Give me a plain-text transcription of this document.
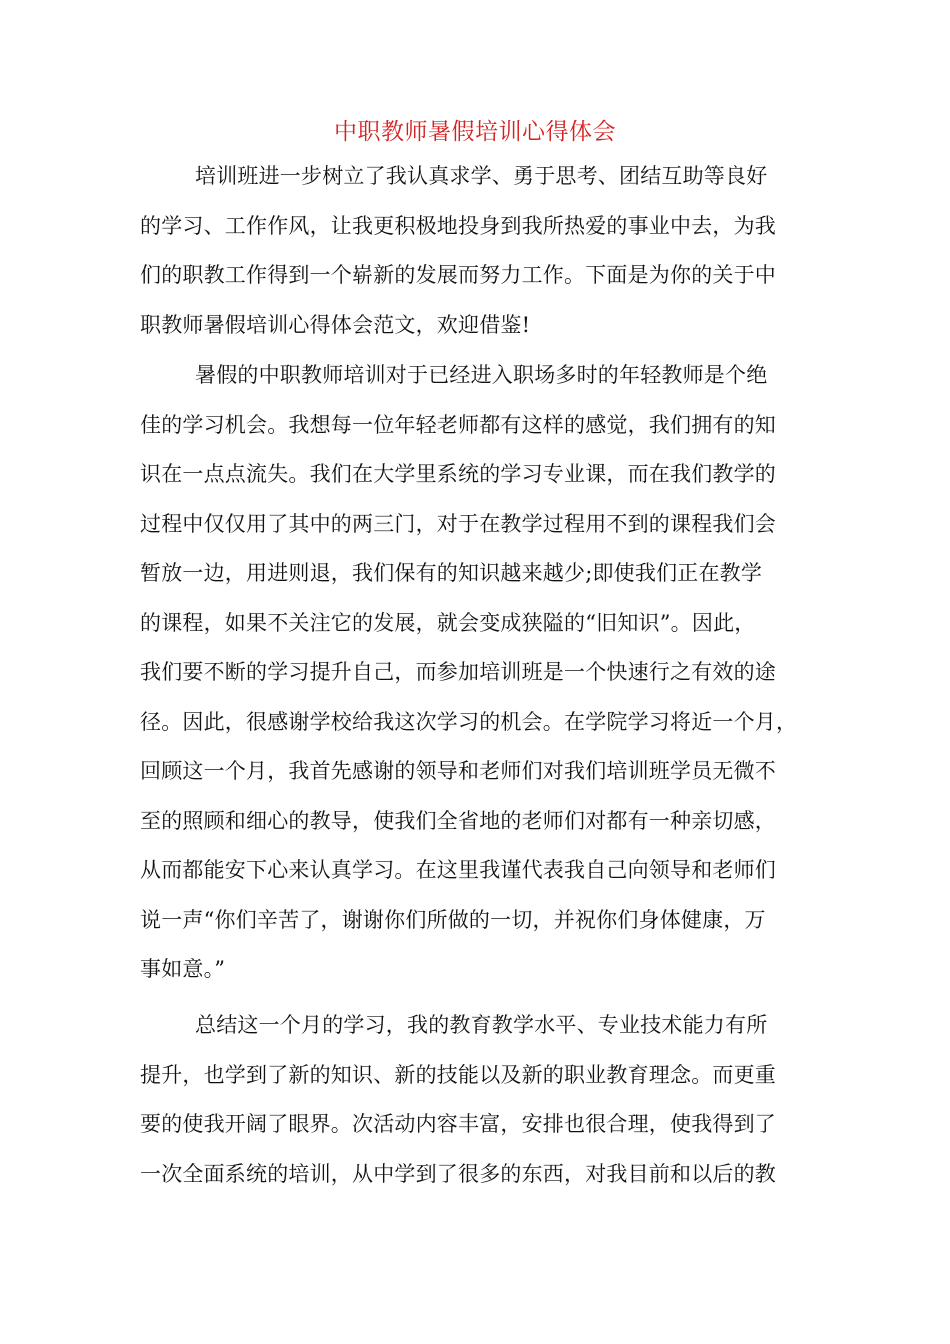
中职教师暑假培训心得体会
培训班进一步树立了我认真求学、勇于思考、团结互助等良好
的学习、工作作风，让我更积极地投身到我所热爱的事业中去，为我
们的职教工作得到一个崭新的发展而努力工作。下面是为你的关于中
职教师暑假培训心得体会范文，欢迎借鉴!
暑假的中职教师培训对于已经进入职场多时的年轻教师是个绝
佳的学习机会。我想每一位年轻老师都有这样的感觉，我们拥有的知
识在一点点流失。我们在大学里系统的学习专业课，而在我们教学的
过程中仅仅用了其中的两三门，对于在教学过程用不到的课程我们会
暂放一边，用进则退，我们保有的知识越来越少;即使我们正在教学
的课程，如果不关注它的发展，就会变成狭隘的“旧知识”。因此，
我们要不断的学习提升自己，而参加培训班是一个快速行之有效的途
径。因此，很感谢学校给我这次学习的机会。在学院学习将近一个月，
回顾这一个月，我首先感谢的领导和老师们对我们培训班学员无微不
至的照顾和细心的教导，使我们全省地的老师们对都有一种亲切感，
从而都能安下心来认真学习。在这里我谨代表我自己向领导和老师们
说一声“你们辛苦了，谢谢你们所做的一切，并祝你们身体健康，万
事如意。”
总结这一个月的学习，我的教育教学水平、专业技术能力有所
提升，也学到了新的知识、新的技能以及新的职业教育理念。而更重
要的使我开阔了眼界。次活动内容丰富，安排也很合理，使我得到了
一次全面系统的培训，从中学到了很多的东西，对我目前和以后的教
